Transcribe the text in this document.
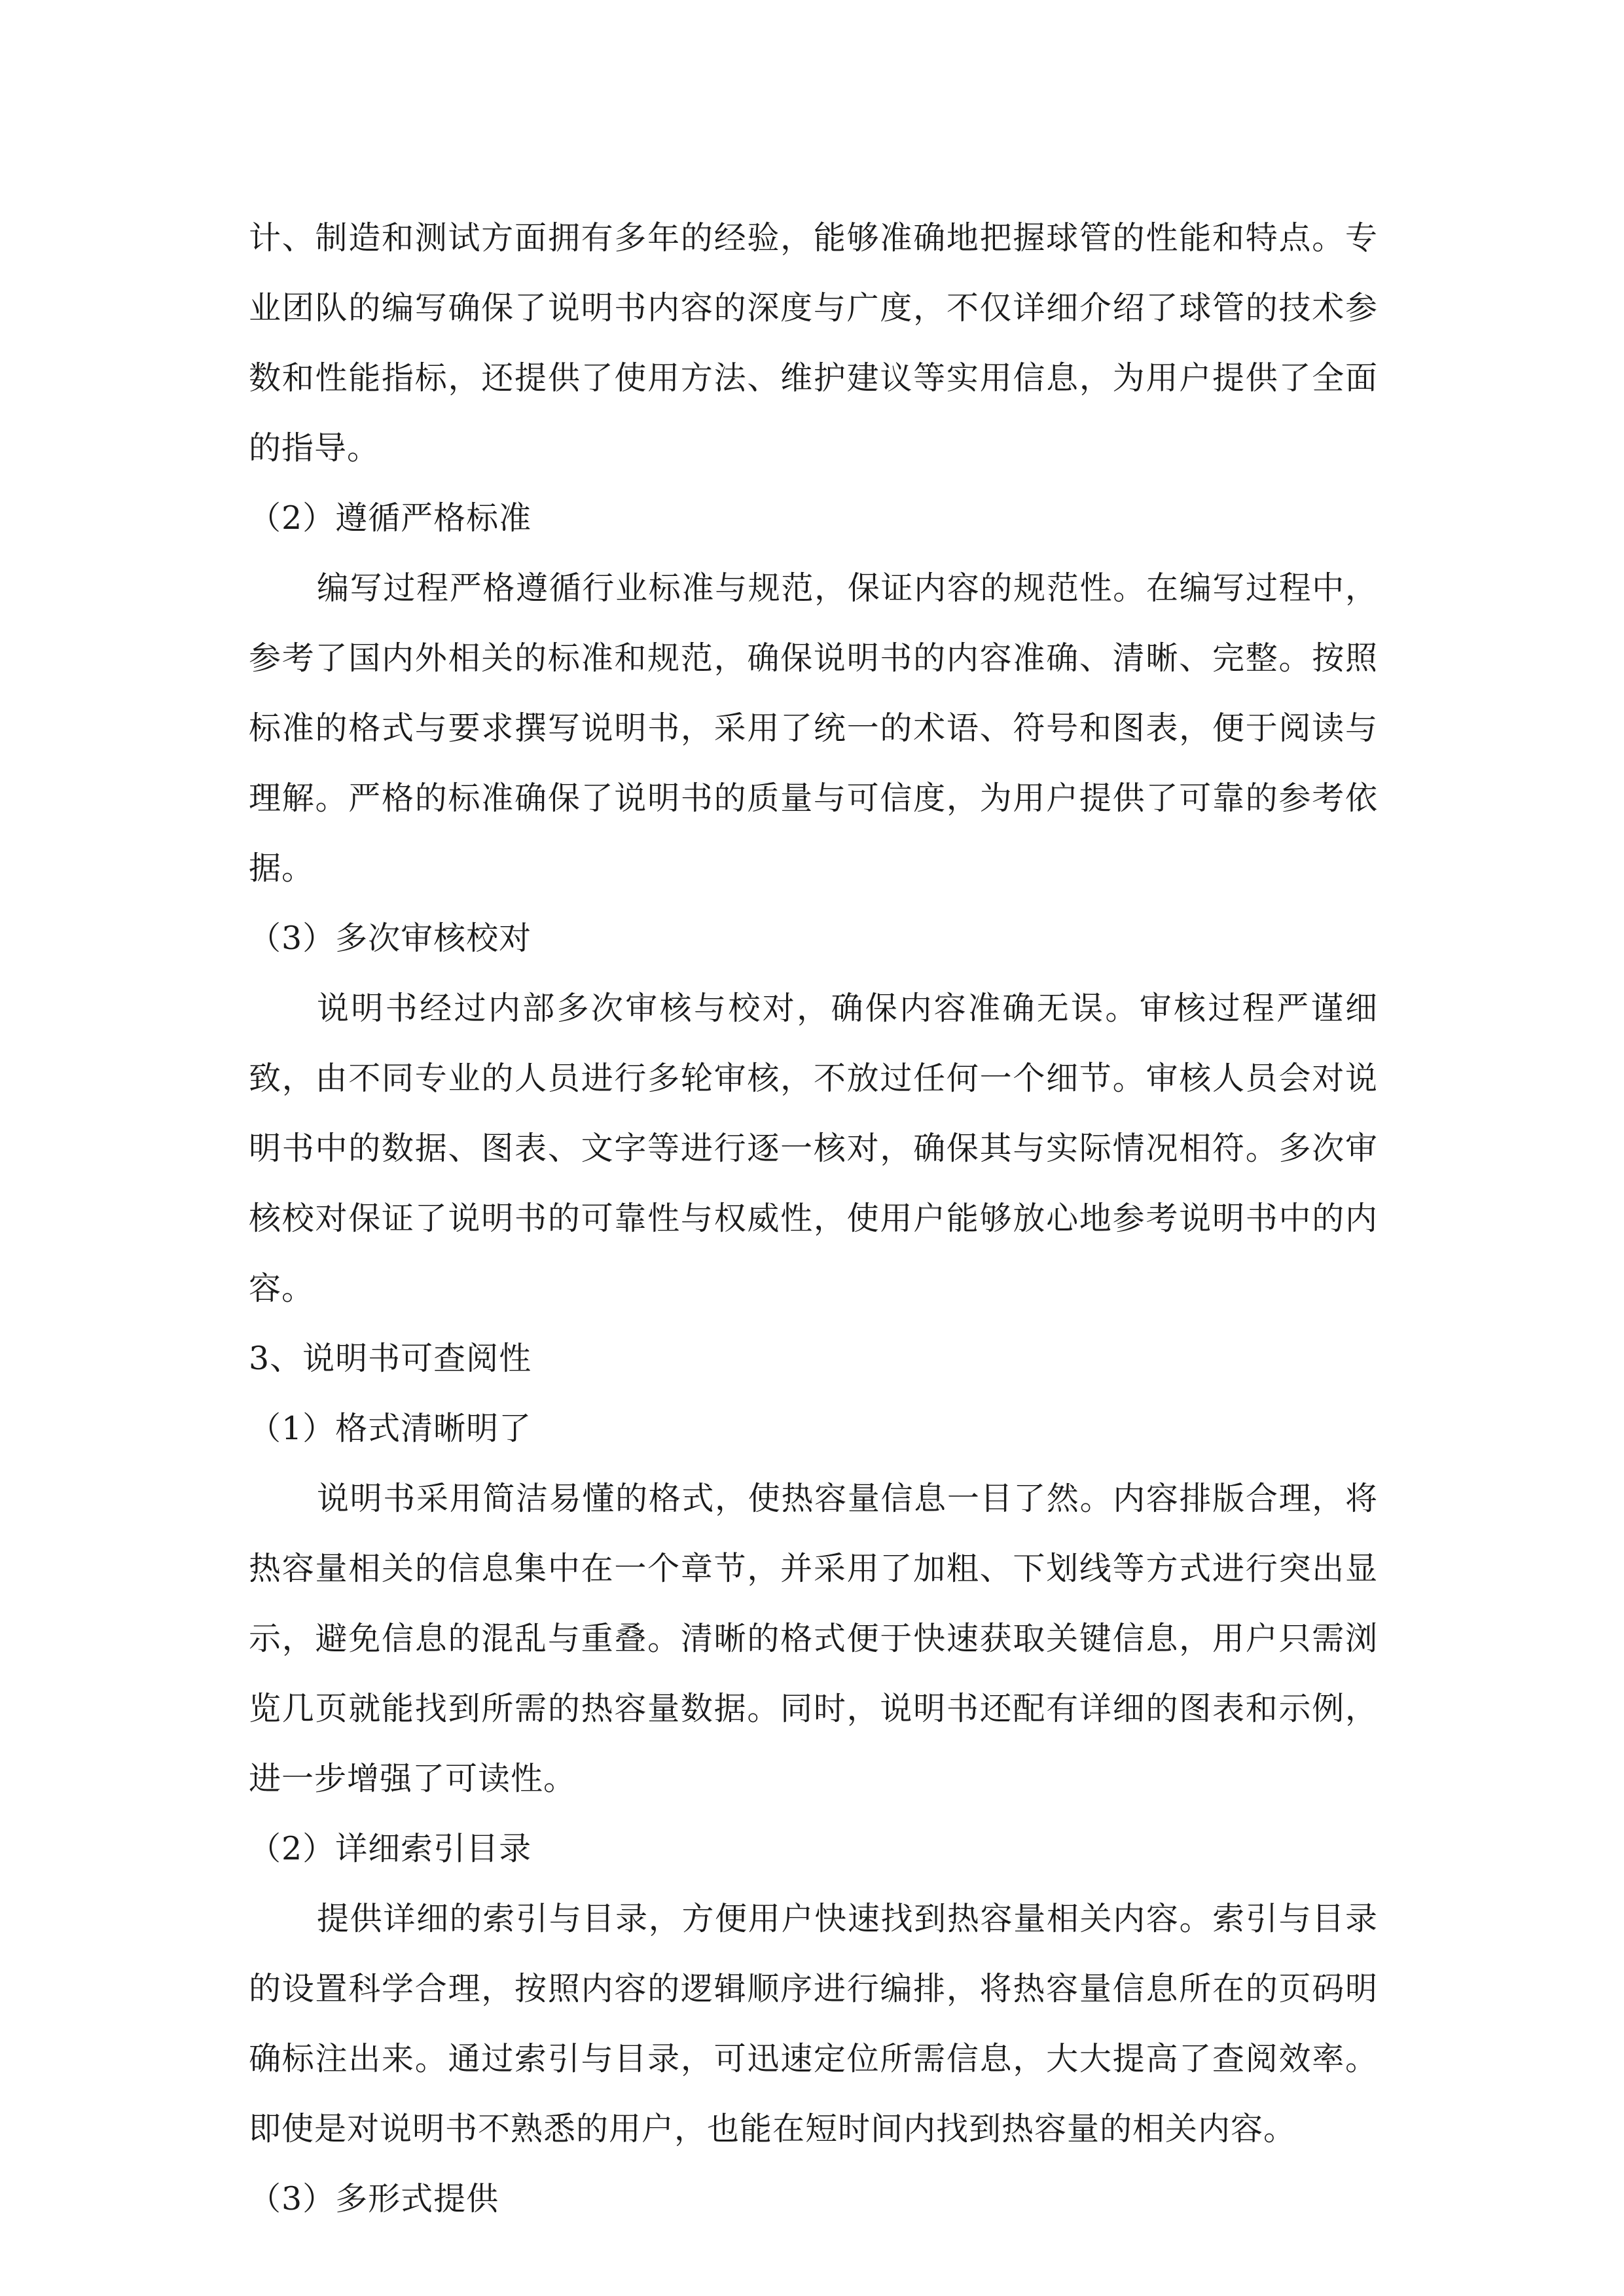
计、制造和测试方面拥有多年的经验，能够准确地把握球管的性能和特点。专业团队的编写确保了说明书内容的深度与广度，不仅详细介绍了球管的技术参数和性能指标，还提供了使用方法、维护建议等实用信息，为用户提供了全面的指导。

（2）遵循严格标准

编写过程严格遵循行业标准与规范，保证内容的规范性。在编写过程中，参考了国内外相关的标准和规范，确保说明书的内容准确、清晰、完整。按照标准的格式与要求撰写说明书，采用了统一的术语、符号和图表，便于阅读与理解。严格的标准确保了说明书的质量与可信度，为用户提供了可靠的参考依据。

（3）多次审核校对

说明书经过内部多次审核与校对，确保内容准确无误。审核过程严谨细致，由不同专业的人员进行多轮审核，不放过任何一个细节。审核人员会对说明书中的数据、图表、文字等进行逐一核对，确保其与实际情况相符。多次审核校对保证了说明书的可靠性与权威性，使用户能够放心地参考说明书中的内容。

3、说明书可查阅性

（1）格式清晰明了

说明书采用简洁易懂的格式，使热容量信息一目了然。内容排版合理，将热容量相关的信息集中在一个章节，并采用了加粗、下划线等方式进行突出显示，避免信息的混乱与重叠。清晰的格式便于快速获取关键信息，用户只需浏览几页就能找到所需的热容量数据。同时，说明书还配有详细的图表和示例，进一步增强了可读性。

（2）详细索引目录

提供详细的索引与目录，方便用户快速找到热容量相关内容。索引与目录的设置科学合理，按照内容的逻辑顺序进行编排，将热容量信息所在的页码明确标注出来。通过索引与目录，可迅速定位所需信息，大大提高了查阅效率。即使是对说明书不熟悉的用户，也能在短时间内找到热容量的相关内容。

（3）多形式提供
